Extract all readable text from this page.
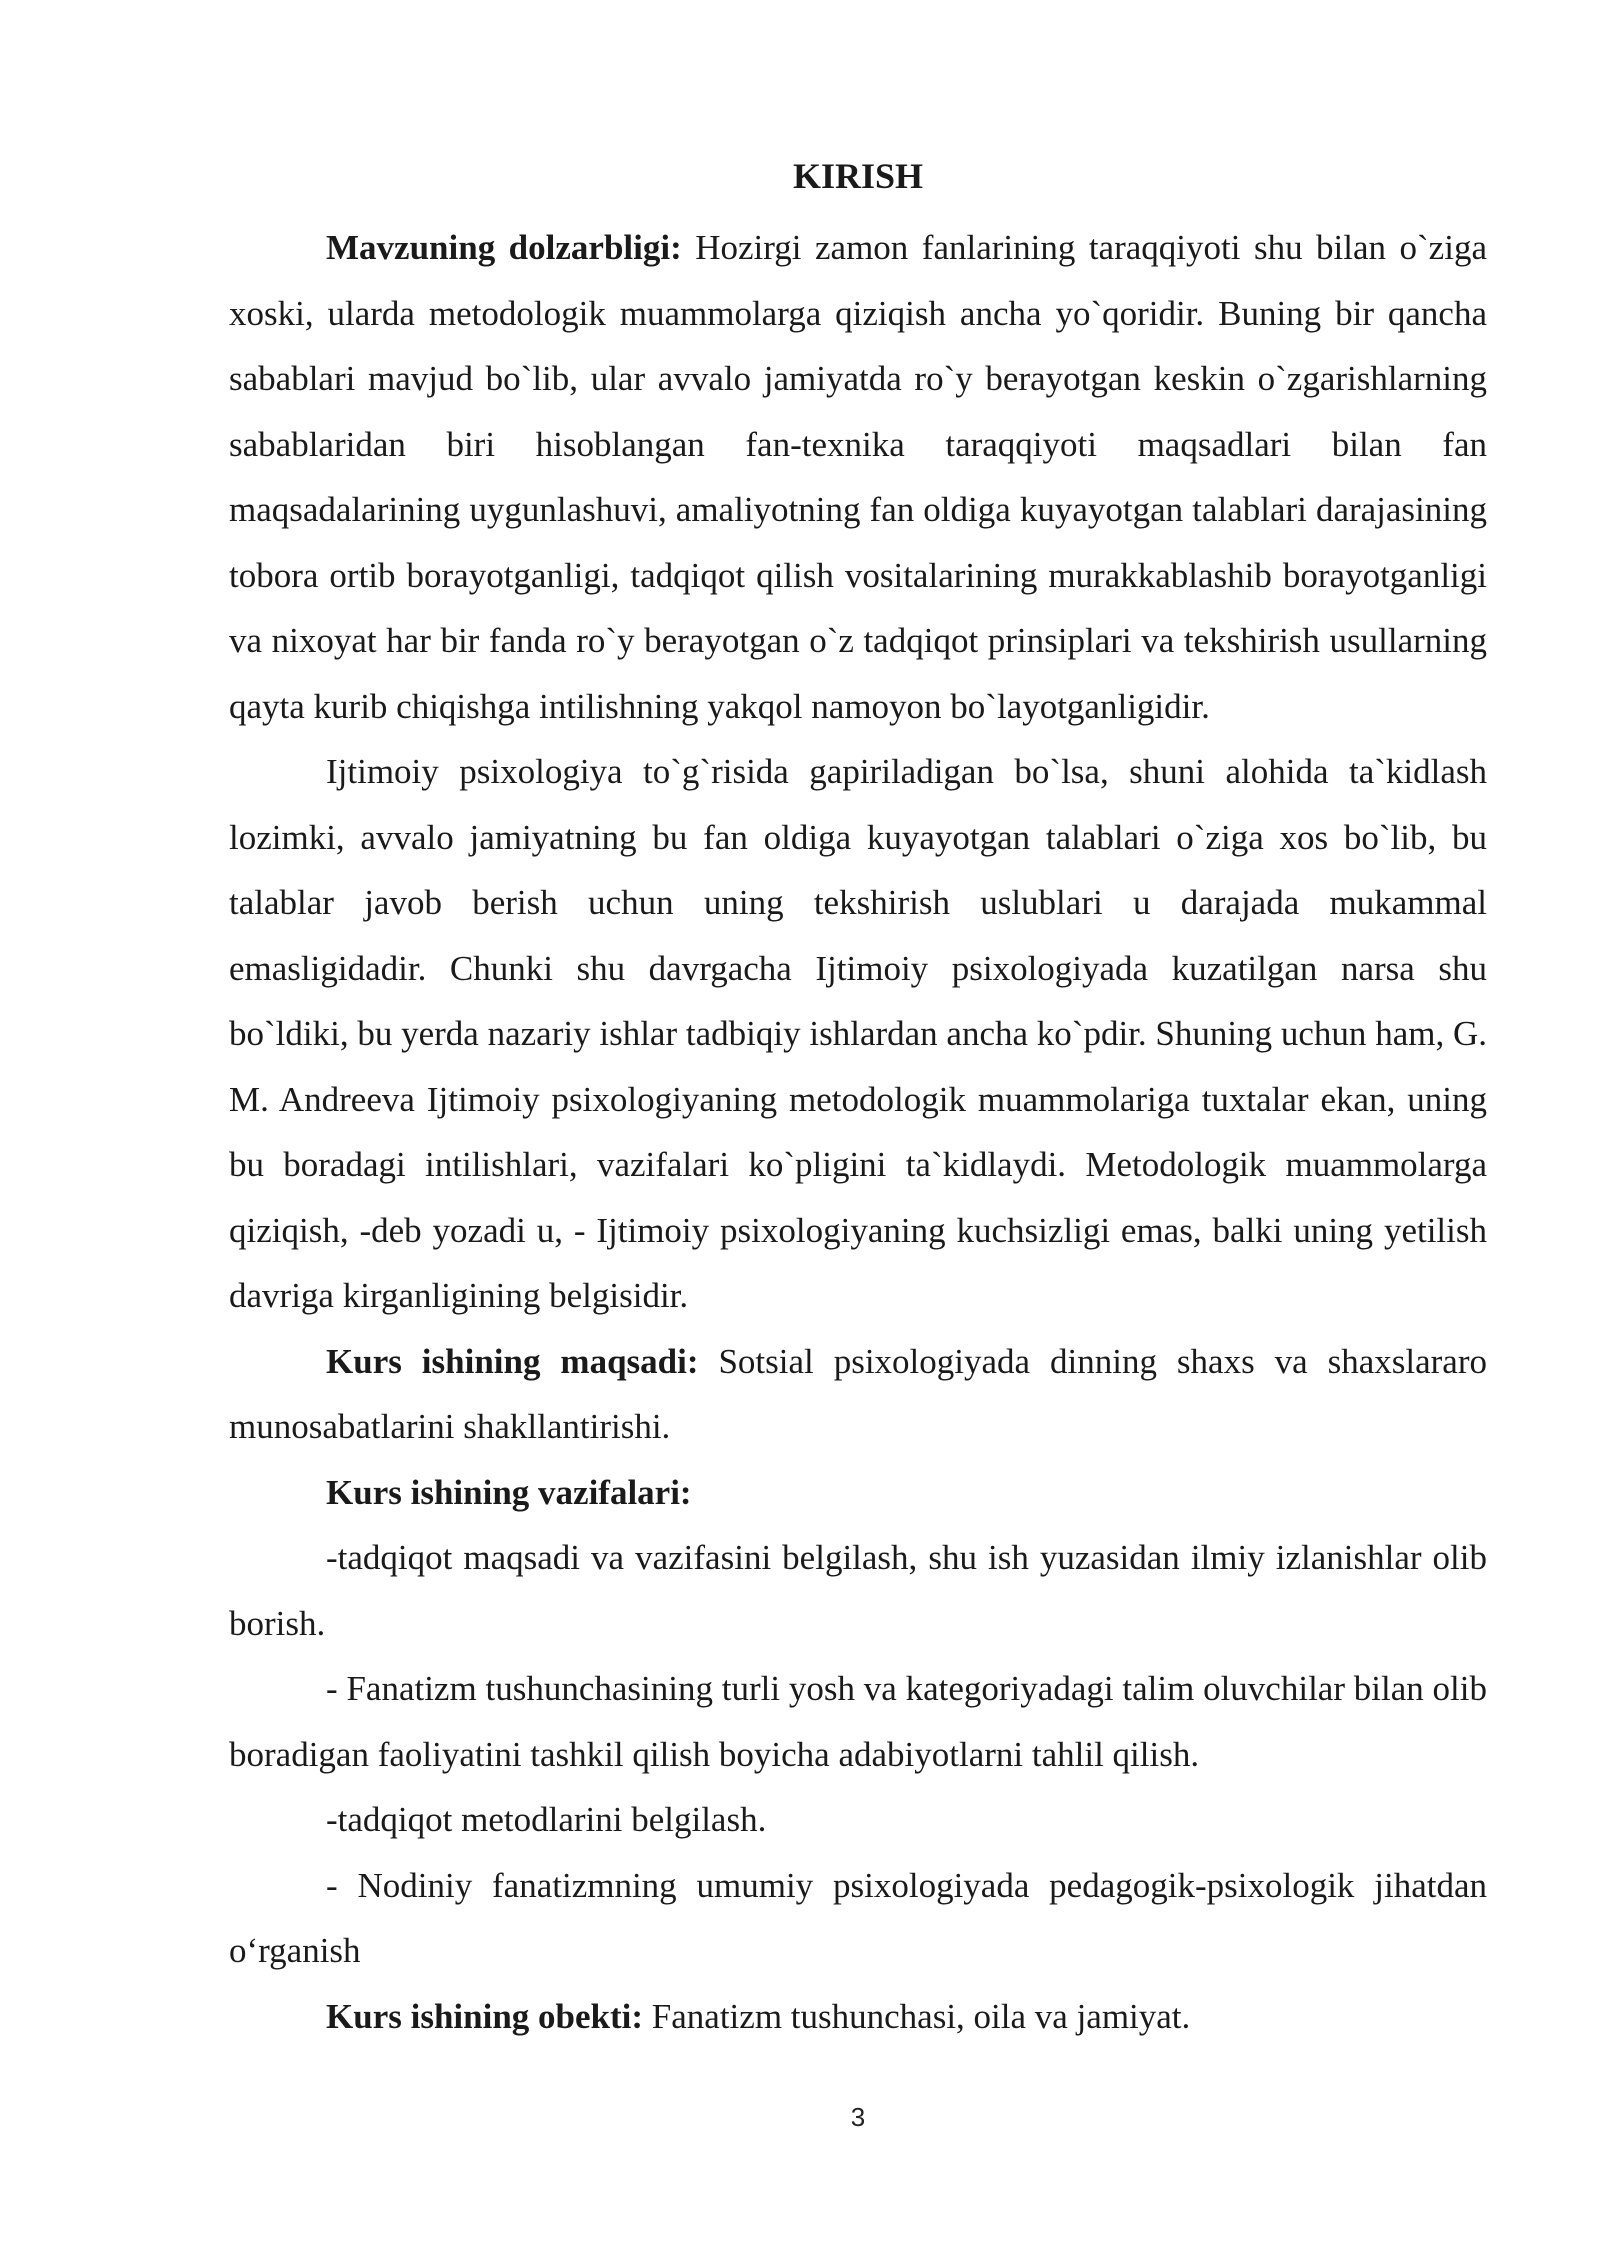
KIRISH

Mavzuning dolzarbligi: Hozirgi zamon fanlarining taraqqiyoti shu bilan o`ziga xoski, ularda metodologik muammolarga qiziqish ancha yo`qoridir. Buning bir qancha sabablari mavjud bo`lib, ular avvalo jamiyatda ro`y berayotgan keskin o`zgarishlarning sabablaridan biri hisoblangan fan-texnika taraqqiyoti maqsadlari bilan fan maqsadalarining uygunlashuvi, amaliyotning fan oldiga kuyayotgan talablari darajasining tobora ortib borayotganligi, tadqiqot qilish vositalarining murakkablashib borayotganligi va nixoyat har bir fanda ro`y berayotgan o`z tadqiqot prinsiplari va tekshirish usullarning qayta kurib chiqishga intilishning yakqol namoyon bo`layotganligidir.

Ijtimoiy psixologiya to`g`risida gapiriladigan bo`lsa, shuni alohida ta`kidlash lozimki, avvalo jamiyatning bu fan oldiga kuyayotgan talablari o`ziga xos bo`lib, bu talablar javob berish uchun uning tekshirish uslublari u darajada mukammal emasligidadir. Chunki shu davrgacha Ijtimoiy psixologiyada kuzatilgan narsa shu bo`ldiki, bu yerda nazariy ishlar tadbiqiy ishlardan ancha ko`pdir. Shuning uchun ham, G. M. Andreeva Ijtimoiy psixologiyaning metodologik muammolariga tuxtalar ekan, uning bu boradagi intilishlari, vazifalari ko`pligini ta`kidlaydi. Metodologik muammolarga qiziqish, -deb yozadi u, - Ijtimoiy psixologiyaning kuchsizligi emas, balki uning yetilish davriga kirganligining belgisidir.

Kurs ishining maqsadi: Sotsial psixologiyada dinning shaxs va shaxslararo munosabatlarini shakllantirishi.

Kurs ishining vazifalari:

-tadqiqot maqsadi va vazifasini belgilash, shu ish yuzasidan ilmiy izlanishlar olib borish.

- Fanatizm tushunchasining turli yosh va kategoriyadagi talim oluvchilar bilan olib boradigan faoliyatini tashkil qilish boyicha adabiyotlarni tahlil qilish.

-tadqiqot metodlarini belgilash.

- Nodiniy fanatizmning umumiy psixologiyada pedagogik-psixologik jihatdan o‘rganish

Kurs ishining obekti: Fanatizm tushunchasi, oila va jamiyat.

3
